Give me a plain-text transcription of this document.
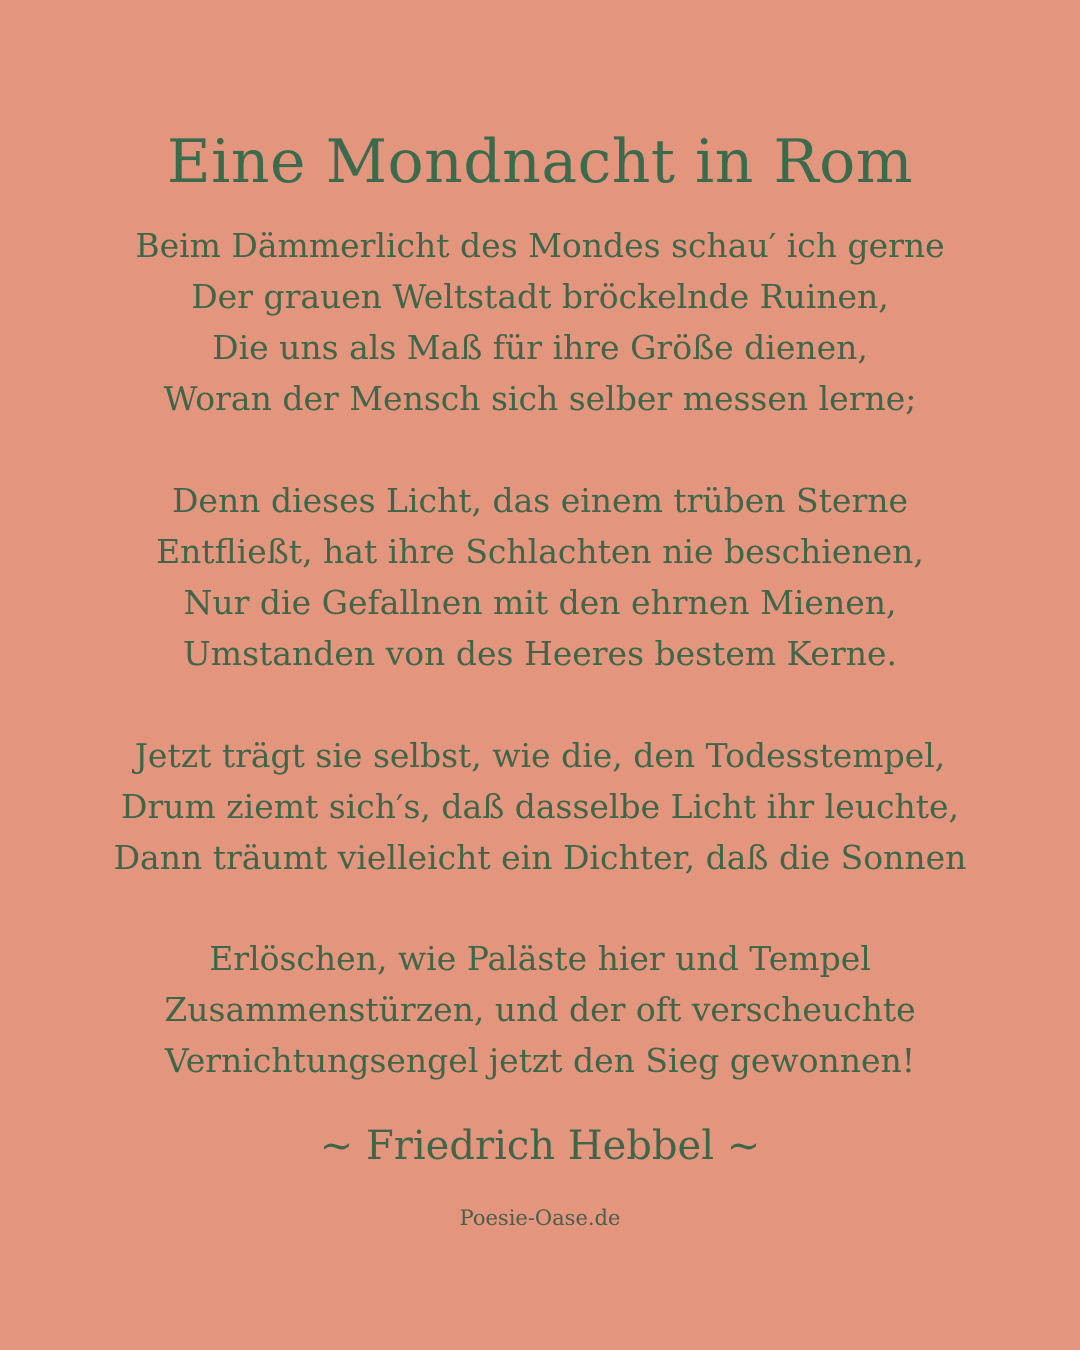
Eine Mondnacht in Rom
Beim Dämmerlicht des Mondes schau′ ich gerne
Der grauen Weltstadt bröckelnde Ruinen,
Die uns als Maß für ihre Größe dienen,
Woran der Mensch sich selber messen lerne;
Denn dieses Licht, das einem trüben Sterne
Entfließt, hat ihre Schlachten nie beschienen,
Nur die Gefallnen mit den ehrnen Mienen,
Umstanden von des Heeres bestem Kerne.
Jetzt trägt sie selbst, wie die, den Todesstempel,
Drum ziemt sich′s, daß dasselbe Licht ihr leuchte,
Dann träumt vielleicht ein Dichter, daß die Sonnen
Erlöschen, wie Paläste hier und Tempel
Zusammenstürzen, und der oft verscheuchte
Vernichtungsengel jetzt den Sieg gewonnen!
~ Friedrich Hebbel ~
Poesie-Oase.de
